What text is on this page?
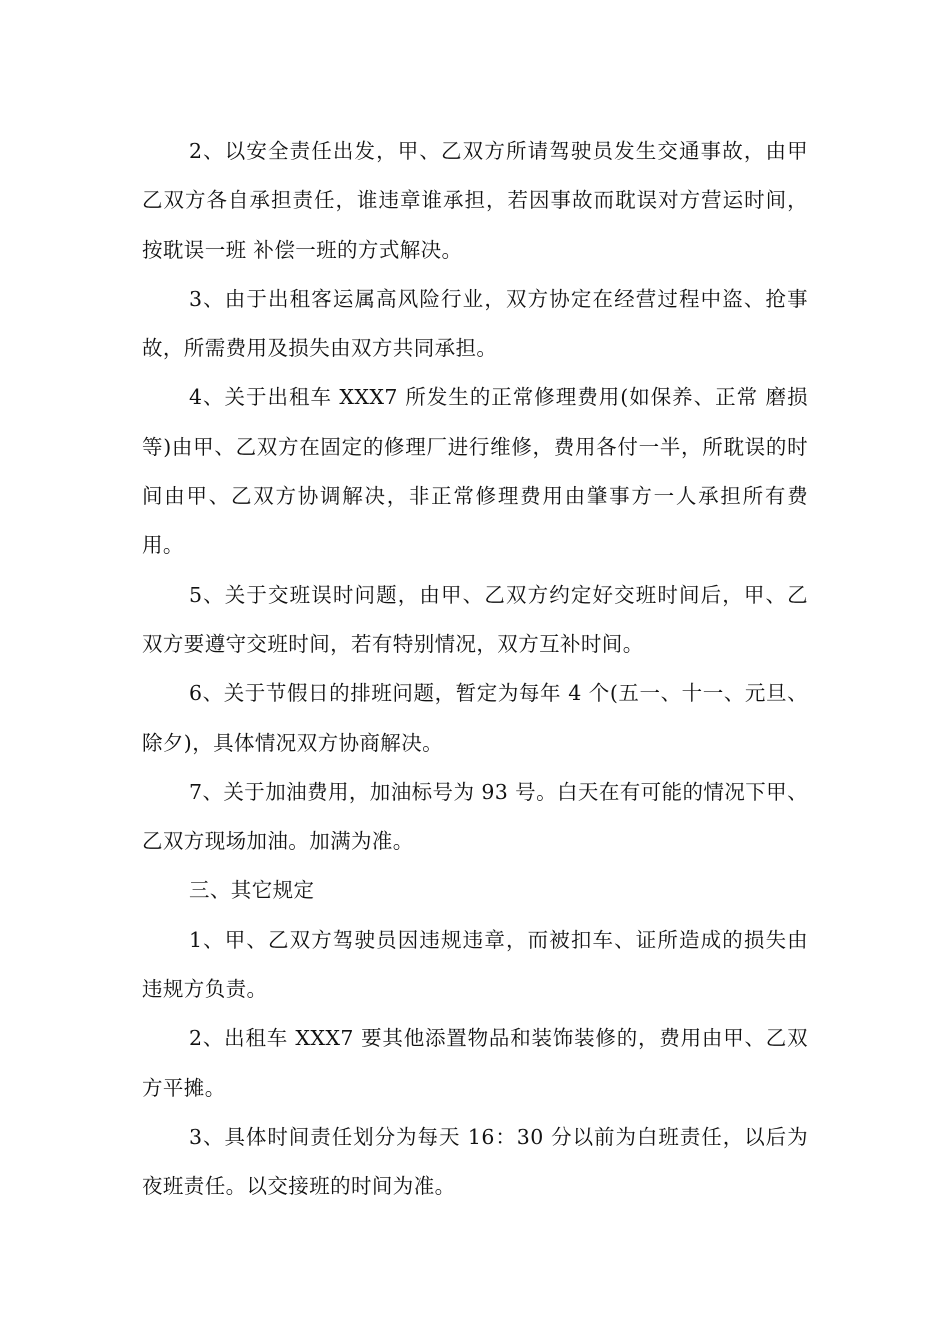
2、以安全责任出发，甲、乙双方所请驾驶员发生交通事故，由甲乙双方各自承担责任，谁违章谁承担，若因事故而耽误对方营运时间，按耽误一班 补偿一班的方式解决。

3、由于出租客运属高风险行业，双方协定在经营过程中盗、抢事故，所需费用及损失由双方共同承担。

4、关于出租车 XXX7 所发生的正常修理费用(如保养、正常 磨损等)由甲、乙双方在固定的修理厂进行维修，费用各付一半，所耽误的时间由甲、乙双方协调解决，非正常修理费用由肇事方一人承担所有费用。

5、关于交班误时问题，由甲、乙双方约定好交班时间后，甲、乙 双方要遵守交班时间，若有特别情况，双方互补时间。

6、关于节假日的排班问题，暂定为每年 4 个(五一、十一、元旦、除夕)，具体情况双方协商解决。

7、关于加油费用，加油标号为 93 号。白天在有可能的情况下甲、乙双方现场加油。加满为准。

三、其它规定

1、甲、乙双方驾驶员因违规违章，而被扣车、证所造成的损失由违规方负责。

2、出租车 XXX7 要其他添置物品和装饰装修的，费用由甲、乙双方平摊。

3、具体时间责任划分为每天 16：30 分以前为白班责任，以后为夜班责任。以交接班的时间为准。
